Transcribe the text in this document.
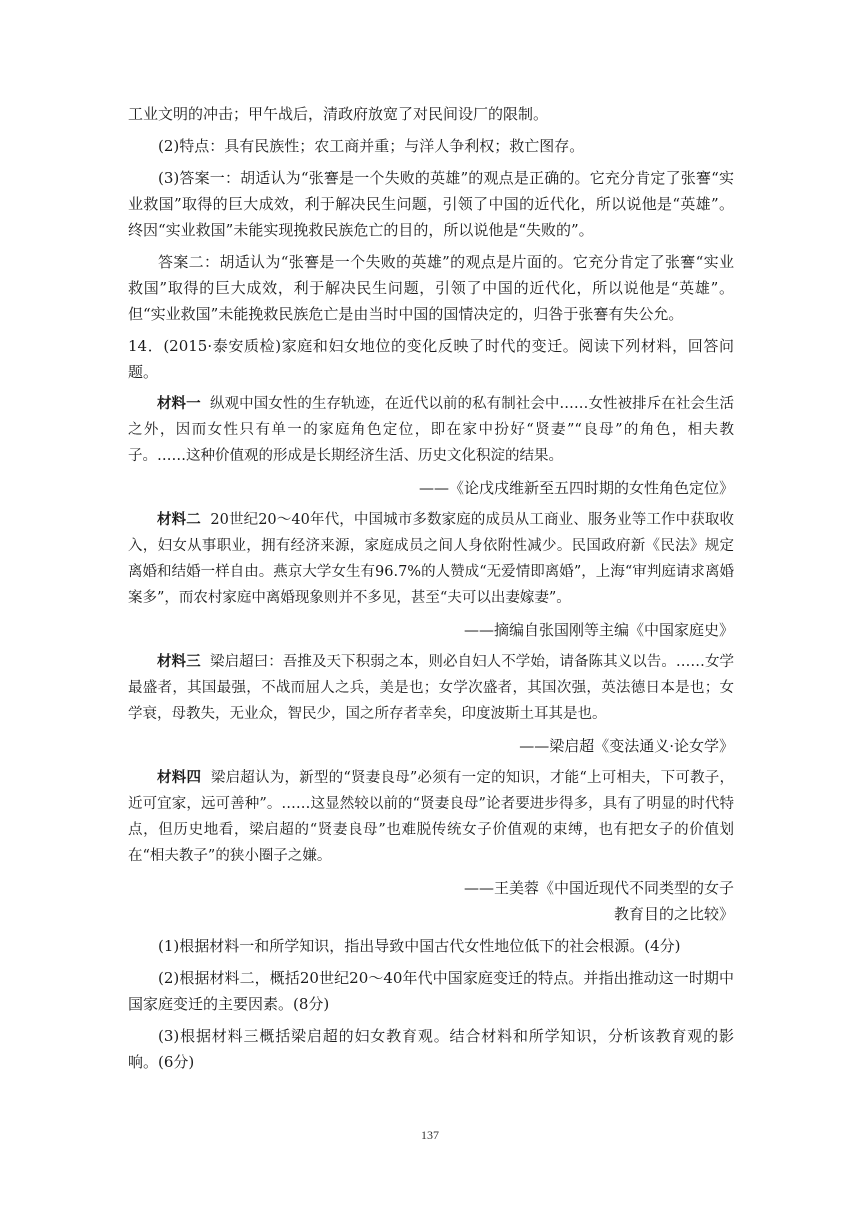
工业文明的冲击；甲午战后，清政府放宽了对民间设厂的限制。

(2)特点：具有民族性；农工商并重；与洋人争利权；救亡图存。

(3)答案一：胡适认为“张謇是一个失败的英雄”的观点是正确的。它充分肯定了张謇“实业救国”取得的巨大成效，利于解决民生问题，引领了中国的近代化，所以说他是“英雄”。终因“实业救国”未能实现挽救民族危亡的目的，所以说他是“失败的”。

答案二：胡适认为“张謇是一个失败的英雄”的观点是片面的。它充分肯定了张謇“实业救国”取得的巨大成效，利于解决民生问题，引领了中国的近代化，所以说他是“英雄”。但“实业救国”未能挽救民族危亡是由当时中国的国情决定的，归咎于张謇有失公允。

14．(2015·泰安质检)家庭和妇女地位的变化反映了时代的变迁。阅读下列材料，回答问题。

材料一 纵观中国女性的生存轨迹，在近代以前的私有制社会中……女性被排斥在社会生活之外，因而女性只有单一的家庭角色定位，即在家中扮好“贤妻”“良母”的角色，相夫教子。……这种价值观的形成是长期经济生活、历史文化积淀的结果。
——《论戊戌维新至五四时期的女性角色定位》
材料二 20世纪20～40年代，中国城市多数家庭的成员从工商业、服务业等工作中获取收入，妇女从事职业，拥有经济来源，家庭成员之间人身依附性减少。民国政府新《民法》规定离婚和结婚一样自由。燕京大学女生有96.7%的人赞成“无爱情即离婚”，上海“审判庭请求离婚案多”，而农村家庭中离婚现象则并不多见，甚至“夫可以出妻嫁妻”。
——摘编自张国刚等主编《中国家庭史》
材料三 梁启超曰：吾推及天下积弱之本，则必自妇人不学始，请备陈其义以告。……女学最盛者，其国最强，不战而屈人之兵，美是也；女学次盛者，其国次强，英法德日本是也；女学衰，母教失，无业众，智民少，国之所存者幸矣，印度波斯土耳其是也。
——梁启超《变法通义·论女学》
材料四 梁启超认为，新型的“贤妻良母”必须有一定的知识，才能“上可相夫，下可教子，近可宜家，远可善种”。……这显然较以前的“贤妻良母”论者要进步得多，具有了明显的时代特点，但历史地看，梁启超的“贤妻良母”也难脱传统女子价值观的束缚，也有把女子的价值划在“相夫教子”的狭小圈子之嫌。
——王美蓉《中国近现代不同类型的女子
教育目的之比较》

(1)根据材料一和所学知识，指出导致中国古代女性地位低下的社会根源。(4分)

(2)根据材料二，概括20世纪20～40年代中国家庭变迁的特点。并指出推动这一时期中国家庭变迁的主要因素。(8分)

(3)根据材料三概括梁启超的妇女教育观。结合材料和所学知识，分析该教育观的影响。(6分)

137
